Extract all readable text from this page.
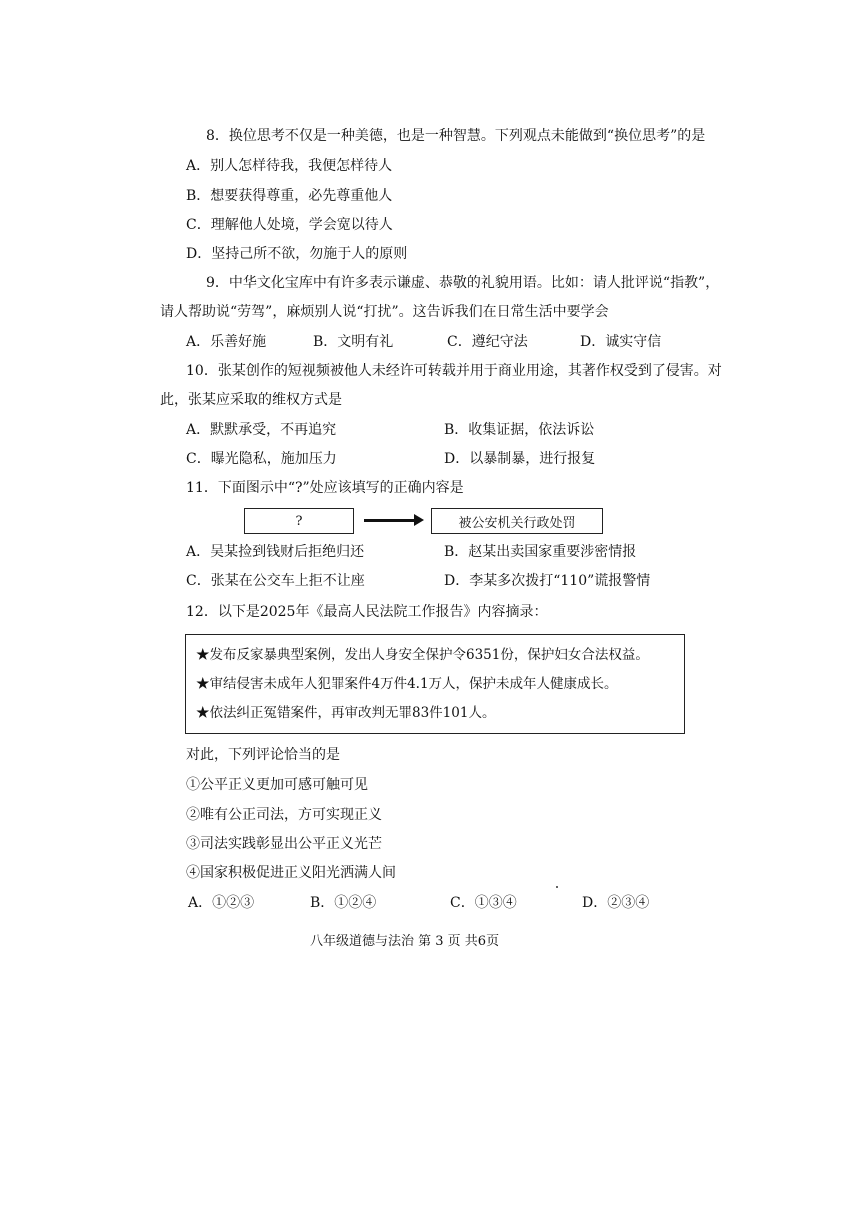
8．换位思考不仅是一种美德，也是一种智慧。下列观点未能做到“换位思考”的是
A．别人怎样待我，我便怎样待人
B．想要获得尊重，必先尊重他人
C．理解他人处境，学会宽以待人
D．坚持己所不欲，勿施于人的原则
9．中华文化宝库中有许多表示谦虚、恭敬的礼貌用语。比如：请人批评说“指教”，
请人帮助说“劳驾”，麻烦别人说“打扰”。这告诉我们在日常生活中要学会
A．乐善好施	B．文明有礼	C．遵纪守法	D．诚实守信
10．张某创作的短视频被他人未经许可转载并用于商业用途，其著作权受到了侵害。对
此，张某应采取的维权方式是
A．默默承受，不再追究	B．收集证据，依法诉讼
C．曝光隐私，施加压力	D．以暴制暴，进行报复
11．下面图示中“?”处应该填写的正确内容是
?	被公安机关行政处罚
A．吴某捡到钱财后拒绝归还	B．赵某出卖国家重要涉密情报
C．张某在公交车上拒不让座	D．李某多次拨打“110”谎报警情
12．以下是2025年《最高人民法院工作报告》内容摘录：
★发布反家暴典型案例，发出人身安全保护令6351份，保护妇女合法权益。
★审结侵害未成年人犯罪案件4万件4.1万人，保护未成年人健康成长。
★依法纠正冤错案件，再审改判无罪83件101人。
对此，下列评论恰当的是
①公平正义更加可感可触可见
②唯有公正司法，方可实现正义
③司法实践彰显出公平正义光芒
④国家积极促进正义阳光洒满人间
A．①②③	B．①②④	C．①③④	D．②③④
八年级道德与法治 第 3 页 共6页
